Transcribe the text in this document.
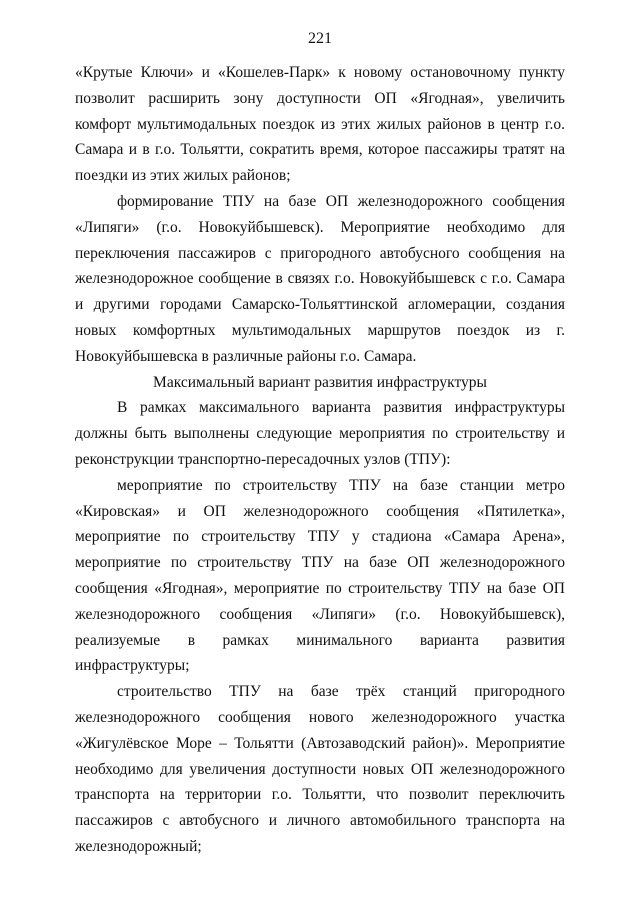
221

«Крутые Ключи» и «Кошелев-Парк» к новому остановочному пункту позволит расширить зону доступности ОП «Ягодная», увеличить комфорт мультимодальных поездок из этих жилых районов в центр г.о. Самара и в г.о. Тольятти, сократить время, которое пассажиры тратят на поездки из этих жилых районов;

формирование ТПУ на базе ОП железнодорожного сообщения «Липяги» (г.о. Новокуйбышевск). Мероприятие необходимо для переключения пассажиров с пригородного автобусного сообщения на железнодорожное сообщение в связях г.о. Новокуйбышевск с г.о. Самара и другими городами Самарско-Тольяттинской агломерации, создания новых комфортных мультимодальных маршрутов поездок из г. Новокуйбышевска в различные районы г.о. Самара.

Максимальный вариант развития инфраструктуры

В рамках максимального варианта развития инфраструктуры должны быть выполнены следующие мероприятия по строительству и реконструкции транспортно-пересадочных узлов (ТПУ):

мероприятие по строительству ТПУ на базе станции метро «Кировская» и ОП железнодорожного сообщения «Пятилетка», мероприятие по строительству ТПУ у стадиона «Самара Арена», мероприятие по строительству ТПУ на базе ОП железнодорожного сообщения «Ягодная», мероприятие по строительству ТПУ на базе ОП железнодорожного сообщения «Липяги» (г.о. Новокуйбышевск), реализуемые в рамках минимального варианта развития инфраструктуры;

строительство ТПУ на базе трёх станций пригородного железнодорожного сообщения нового железнодорожного участка «Жигулёвское Море – Тольятти (Автозаводский район)». Мероприятие необходимо для увеличения доступности новых ОП железнодорожного транспорта на территории г.о. Тольятти, что позволит переключить пассажиров с автобусного и личного автомобильного транспорта на железнодорожный;
